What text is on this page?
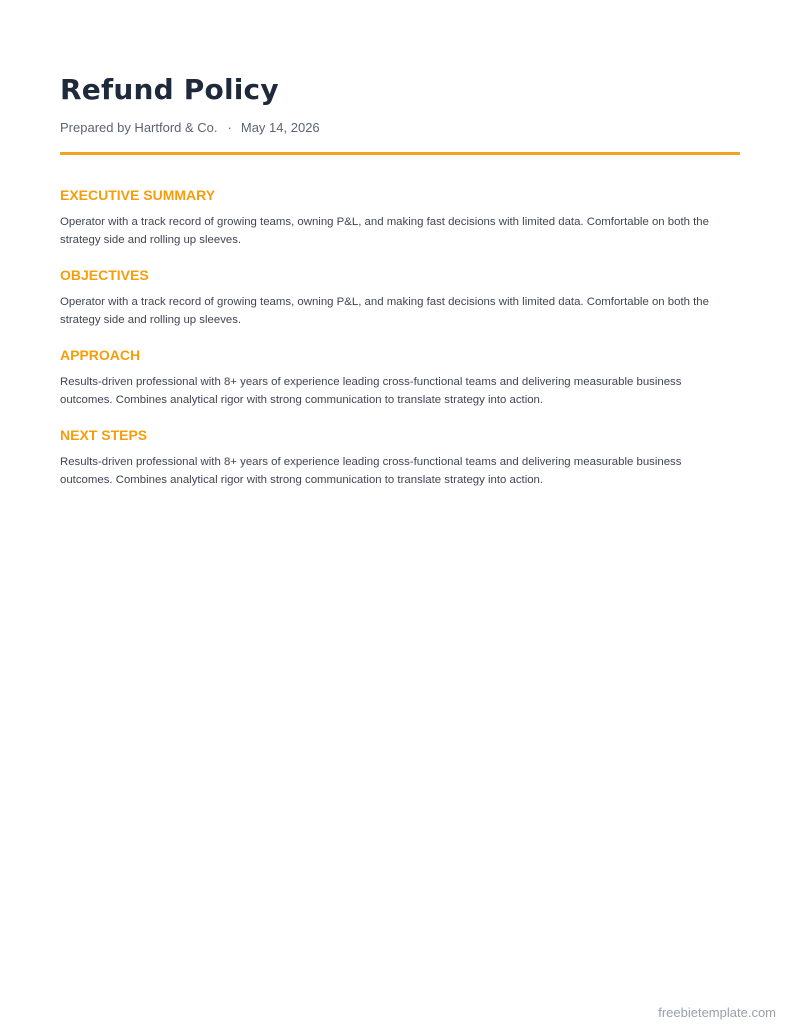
Refund Policy
Prepared by Hartford & Co. · May 14, 2026
EXECUTIVE SUMMARY

Operator with a track record of growing teams, owning P&L, and making fast decisions with limited data. Comfortable on both the strategy side and rolling up sleeves.

OBJECTIVES

Operator with a track record of growing teams, owning P&L, and making fast decisions with limited data. Comfortable on both the strategy side and rolling up sleeves.

APPROACH

Results-driven professional with 8+ years of experience leading cross-functional teams and delivering measurable business outcomes. Combines analytical rigor with strong communication to translate strategy into action.

NEXT STEPS

Results-driven professional with 8+ years of experience leading cross-functional teams and delivering measurable business outcomes. Combines analytical rigor with strong communication to translate strategy into action.

freebietemplate.com
